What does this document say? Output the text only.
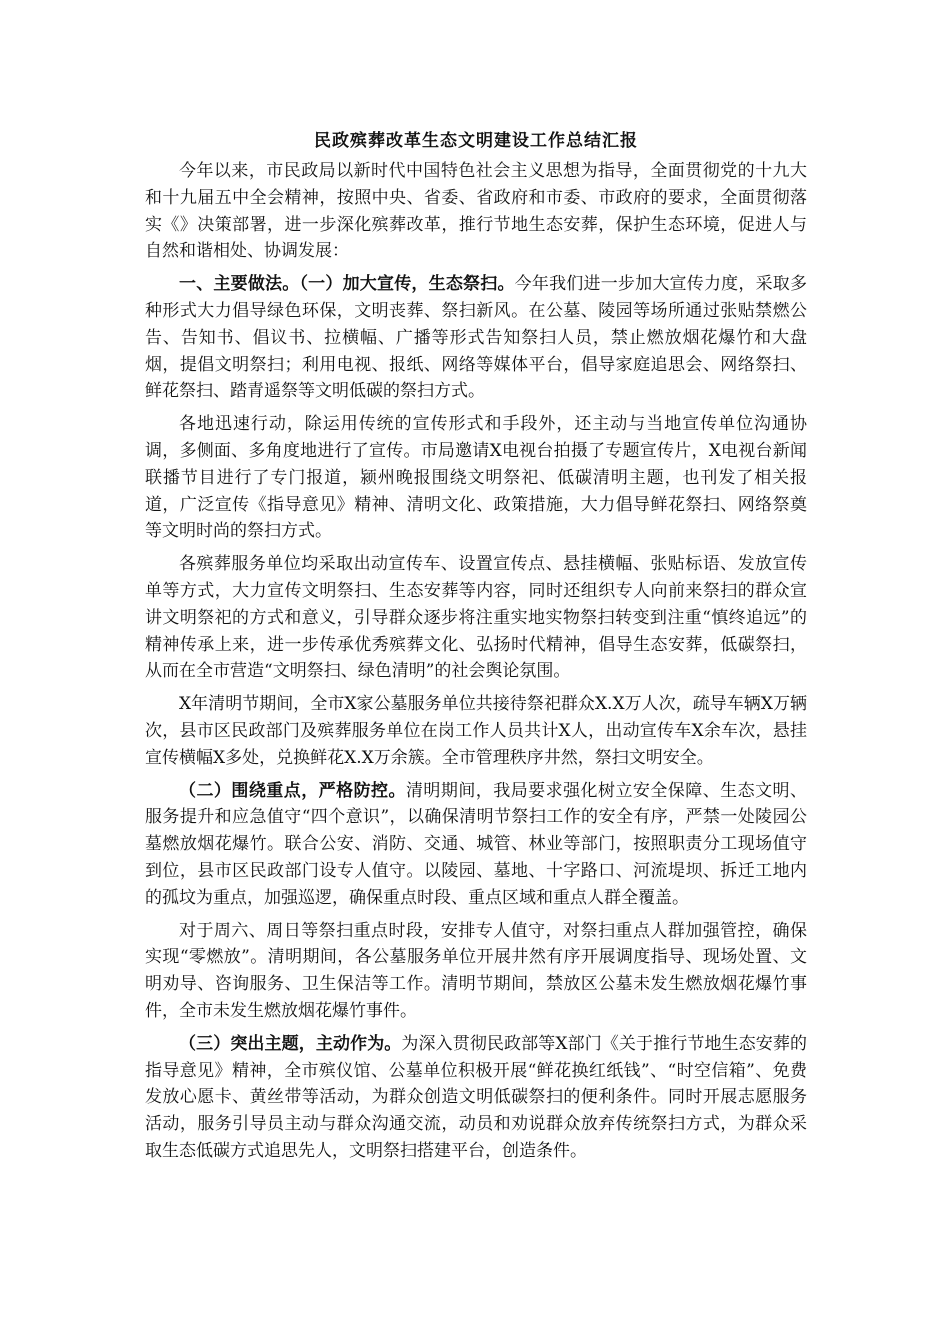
民政殡葬改革生态文明建设工作总结汇报

今年以来，市民政局以新时代中国特色社会主义思想为指导，全面贯彻党的十九大和十九届五中全会精神，按照中央、省委、省政府和市委、市政府的要求，全面贯彻落实《》决策部署，进一步深化殡葬改革，推行节地生态安葬，保护生态环境，促进人与自然和谐相处、协调发展：

一、主要做法。（一）加大宣传，生态祭扫。今年我们进一步加大宣传力度，采取多种形式大力倡导绿色环保，文明丧葬、祭扫新风。在公墓、陵园等场所通过张贴禁燃公告、告知书、倡议书、拉横幅、广播等形式告知祭扫人员，禁止燃放烟花爆竹和大盘烟，提倡文明祭扫；利用电视、报纸、网络等媒体平台，倡导家庭追思会、网络祭扫、鲜花祭扫、踏青遥祭等文明低碳的祭扫方式。

各地迅速行动，除运用传统的宣传形式和手段外，还主动与当地宣传单位沟通协调，多侧面、多角度地进行了宣传。市局邀请X电视台拍摄了专题宣传片，X电视台新闻联播节目进行了专门报道，颍州晚报围绕文明祭祀、低碳清明主题，也刊发了相关报道，广泛宣传《指导意见》精神、清明文化、政策措施，大力倡导鲜花祭扫、网络祭奠等文明时尚的祭扫方式。

各殡葬服务单位均采取出动宣传车、设置宣传点、悬挂横幅、张贴标语、发放宣传单等方式，大力宣传文明祭扫、生态安葬等内容，同时还组织专人向前来祭扫的群众宣讲文明祭祀的方式和意义，引导群众逐步将注重实地实物祭扫转变到注重“慎终追远”的精神传承上来，进一步传承优秀殡葬文化、弘扬时代精神，倡导生态安葬，低碳祭扫，从而在全市营造“文明祭扫、绿色清明”的社会舆论氛围。

X年清明节期间，全市X家公墓服务单位共接待祭祀群众X.X万人次，疏导车辆X万辆次，县市区民政部门及殡葬服务单位在岗工作人员共计X人，出动宣传车X余车次，悬挂宣传横幅X多处，兑换鲜花X.X万余簇。全市管理秩序井然，祭扫文明安全。

（二）围绕重点，严格防控。清明期间，我局要求强化树立安全保障、生态文明、服务提升和应急值守“四个意识”，以确保清明节祭扫工作的安全有序，严禁一处陵园公墓燃放烟花爆竹。联合公安、消防、交通、城管、林业等部门，按照职责分工现场值守到位，县市区民政部门设专人值守。以陵园、墓地、十字路口、河流堤坝、拆迁工地内的孤坟为重点，加强巡逻，确保重点时段、重点区域和重点人群全覆盖。

对于周六、周日等祭扫重点时段，安排专人值守，对祭扫重点人群加强管控，确保实现“零燃放”。清明期间，各公墓服务单位开展井然有序开展调度指导、现场处置、文明劝导、咨询服务、卫生保洁等工作。清明节期间，禁放区公墓未发生燃放烟花爆竹事件，全市未发生燃放烟花爆竹事件。

（三）突出主题，主动作为。为深入贯彻民政部等X部门《关于推行节地生态安葬的指导意见》精神，全市殡仪馆、公墓单位积极开展“鲜花换红纸钱”、“时空信箱”、免费发放心愿卡、黄丝带等活动，为群众创造文明低碳祭扫的便利条件。同时开展志愿服务活动，服务引导员主动与群众沟通交流，动员和劝说群众放弃传统祭扫方式，为群众采取生态低碳方式追思先人，文明祭扫搭建平台，创造条件。
